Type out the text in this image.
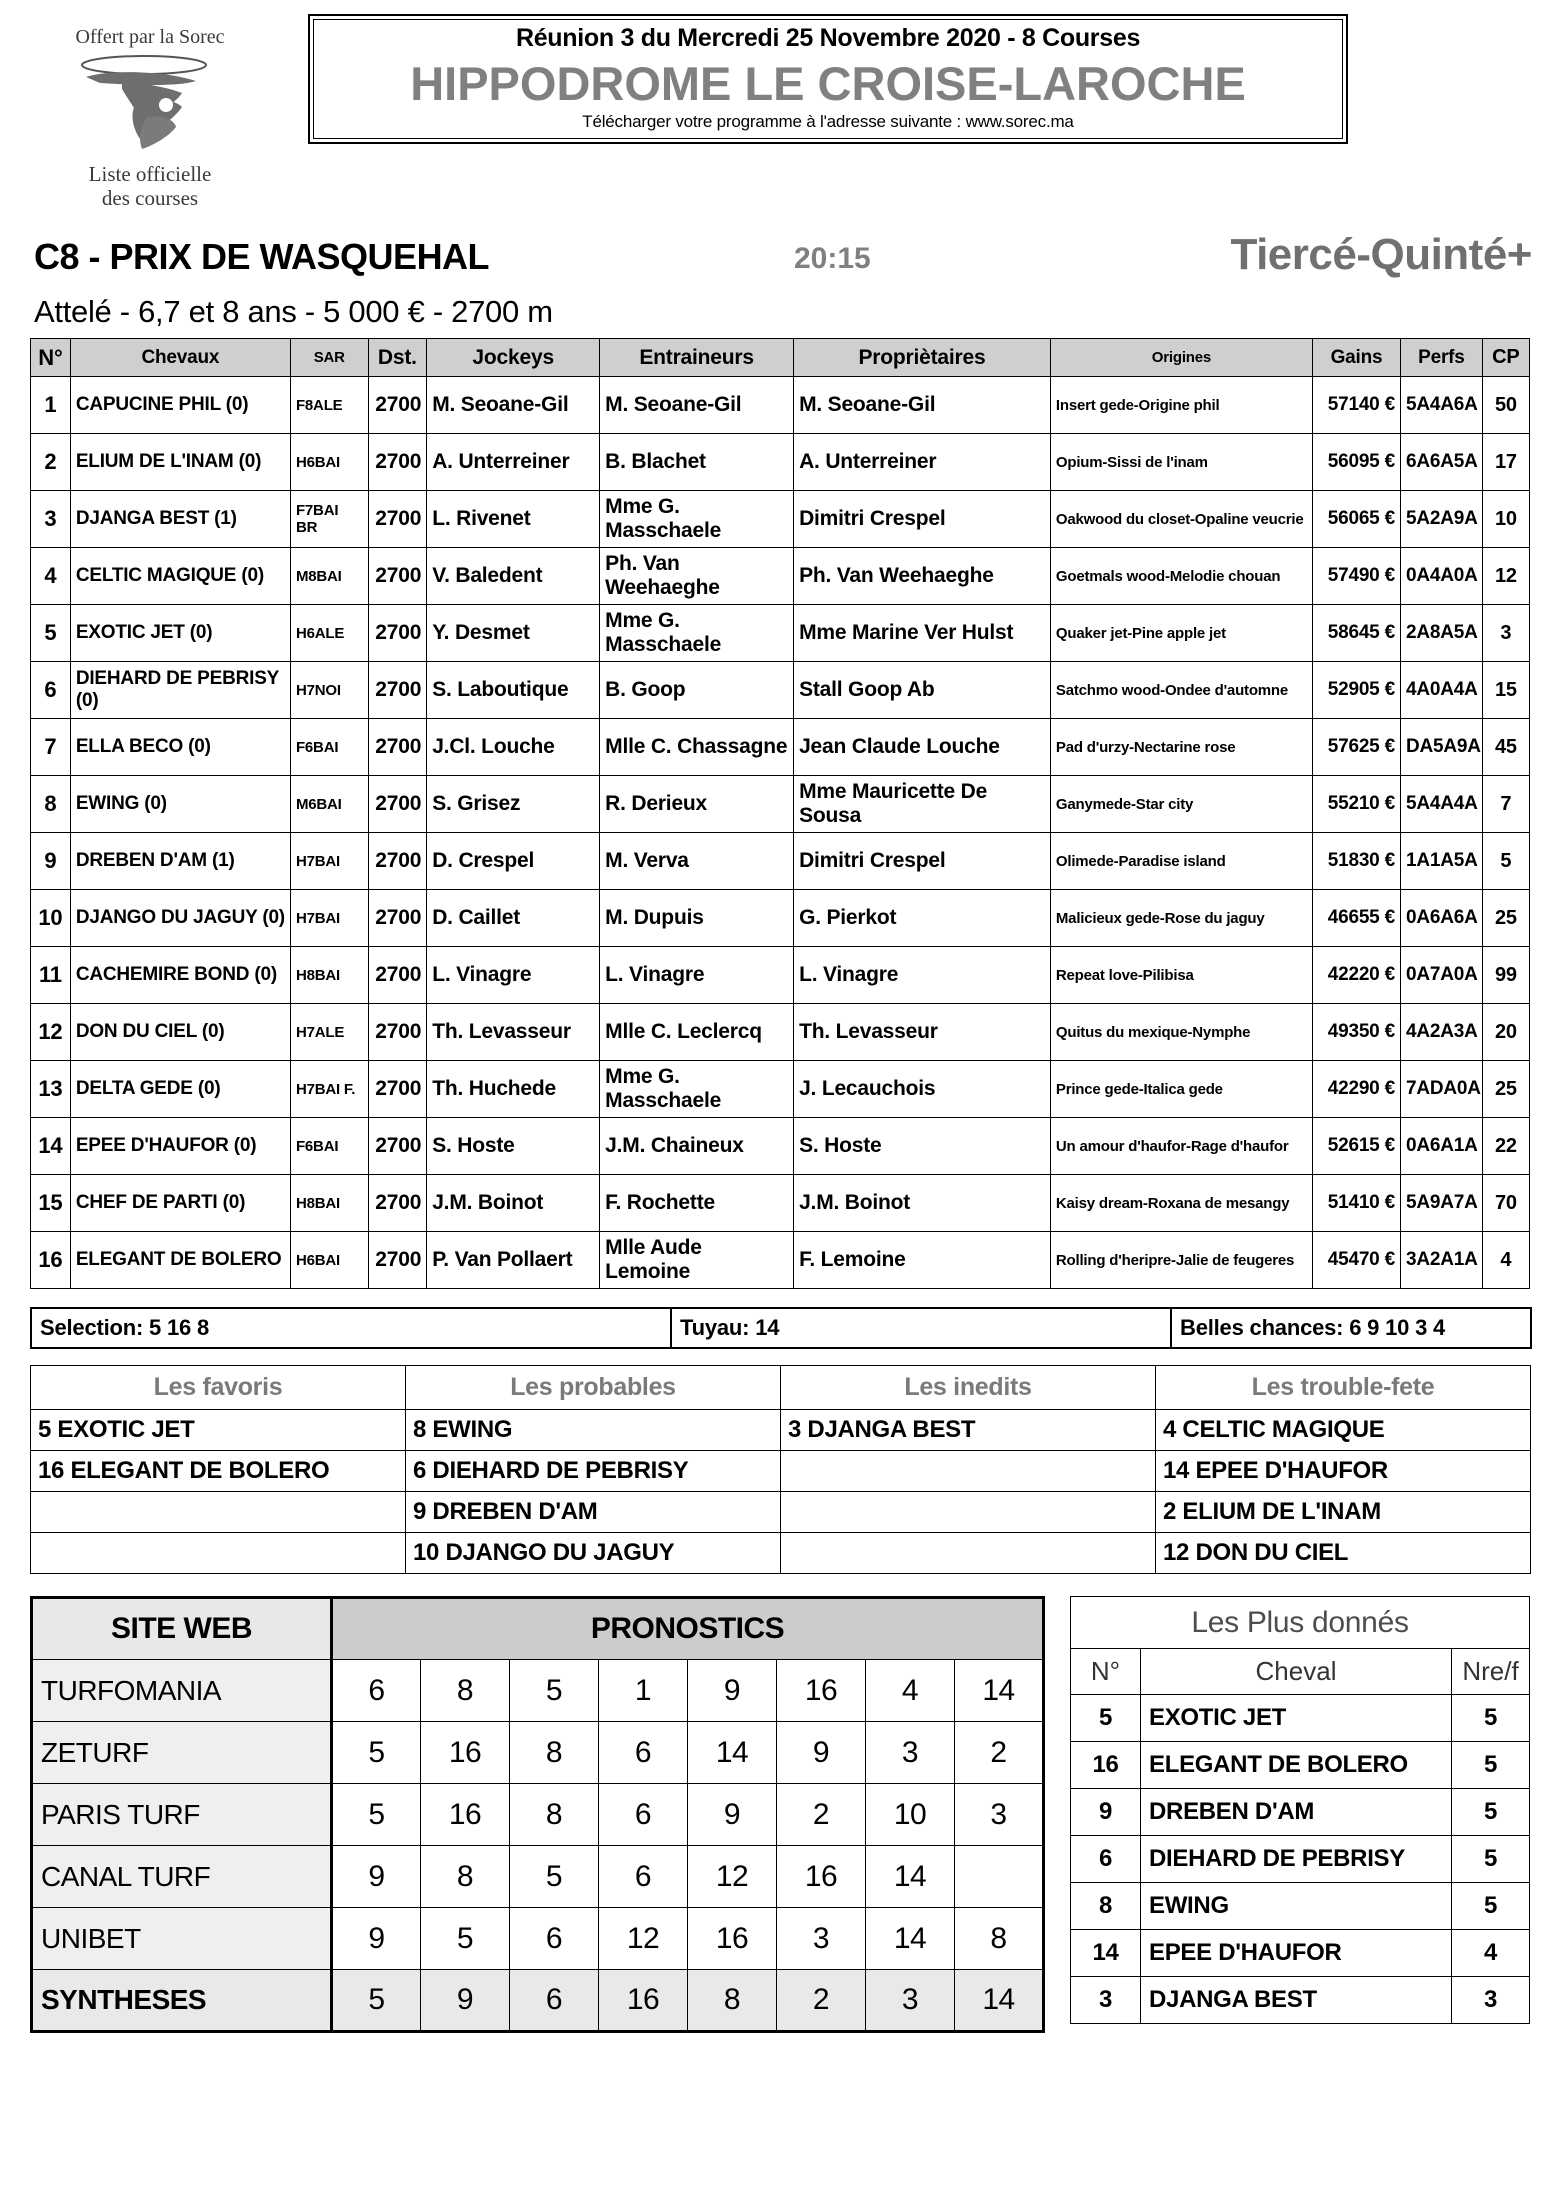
Offert par la Sorec
Liste officielle
des courses
Réunion 3 du Mercredi 25 Novembre 2020 - 8 Courses
HIPPODROME LE CROISE-LAROCHE
Télécharger votre programme à l'adresse suivante : www.sorec.ma
C8 - PRIX DE WASQUEHAL	20:15	Tiercé-Quinté+
Attelé - 6,7 et 8 ans - 5 000 € - 2700 m
N°	Chevaux	SAR	Dst.	Jockeys	Entraineurs	Propriètaires	Origines	Gains	Perfs	CP
1	CAPUCINE PHIL (0)	F8ALE	2700	M. Seoane-Gil	M. Seoane-Gil	M. Seoane-Gil	Insert gede-Origine phil	57140 €	5A4A6A	50
2	ELIUM DE L'INAM (0)	H6BAI	2700	A. Unterreiner	B. Blachet	A. Unterreiner	Opium-Sissi de l'inam	56095 €	6A6A5A	17
3	DJANGA BEST (1)	F7BAI BR	2700	L. Rivenet	Mme G. Masschaele	Dimitri Crespel	Oakwood du closet-Opaline veucrie	56065 €	5A2A9A	10
4	CELTIC MAGIQUE (0)	M8BAI	2700	V. Baledent	Ph. Van Weehaeghe	Ph. Van Weehaeghe	Goetmals wood-Melodie chouan	57490 €	0A4A0A	12
5	EXOTIC JET (0)	H6ALE	2700	Y. Desmet	Mme G. Masschaele	Mme Marine Ver Hulst	Quaker jet-Pine apple jet	58645 €	2A8A5A	3
6	DIEHARD DE PEBRISY (0)	H7NOI	2700	S. Laboutique	B. Goop	Stall Goop Ab	Satchmo wood-Ondee d'automne	52905 €	4A0A4A	15
7	ELLA BECO (0)	F6BAI	2700	J.Cl. Louche	Mlle C. Chassagne	Jean Claude Louche	Pad d'urzy-Nectarine rose	57625 €	DA5A9A	45
8	EWING (0)	M6BAI	2700	S. Grisez	R. Derieux	Mme Mauricette De Sousa	Ganymede-Star city	55210 €	5A4A4A	7
9	DREBEN D'AM (1)	H7BAI	2700	D. Crespel	M. Verva	Dimitri Crespel	Olimede-Paradise island	51830 €	1A1A5A	5
10	DJANGO DU JAGUY (0)	H7BAI	2700	D. Caillet	M. Dupuis	G. Pierkot	Malicieux gede-Rose du jaguy	46655 €	0A6A6A	25
11	CACHEMIRE BOND (0)	H8BAI	2700	L. Vinagre	L. Vinagre	L. Vinagre	Repeat love-Pilibisa	42220 €	0A7A0A	99
12	DON DU CIEL (0)	H7ALE	2700	Th. Levasseur	Mlle C. Leclercq	Th. Levasseur	Quitus du mexique-Nymphe	49350 €	4A2A3A	20
13	DELTA GEDE (0)	H7BAI F.	2700	Th. Huchede	Mme G. Masschaele	J. Lecauchois	Prince gede-Italica gede	42290 €	7ADA0A	25
14	EPEE D'HAUFOR (0)	F6BAI	2700	S. Hoste	J.M. Chaineux	S. Hoste	Un amour d'haufor-Rage d'haufor	52615 €	0A6A1A	22
15	CHEF DE PARTI (0)	H8BAI	2700	J.M. Boinot	F. Rochette	J.M. Boinot	Kaisy dream-Roxana de mesangy	51410 €	5A9A7A	70
16	ELEGANT DE BOLERO	H6BAI	2700	P. Van Pollaert	Mlle Aude Lemoine	F. Lemoine	Rolling d'heripre-Jalie de feugeres	45470 €	3A2A1A	4
Selection: 5 16 8	Tuyau: 14	Belles chances: 6 9 10 3 4
Les favoris	Les probables	Les inedits	Les trouble-fete
5 EXOTIC JET	8 EWING	3 DJANGA BEST	4 CELTIC MAGIQUE
16 ELEGANT DE BOLERO	6 DIEHARD DE PEBRISY		14 EPEE D'HAUFOR
	9 DREBEN D'AM		2 ELIUM DE L'INAM
	10 DJANGO DU JAGUY		12 DON DU CIEL
SITE WEB	PRONOSTICS							
TURFOMANIA	6	8	5	1	9	16	4	14
ZETURF	5	16	8	6	14	9	3	2
PARIS TURF	5	16	8	6	9	2	10	3
CANAL TURF	9	8	5	6	12	16	14	
UNIBET	9	5	6	12	16	3	14	8
SYNTHESES	5	9	6	16	8	2	3	14
Les Plus donnés
N°	Cheval	Nre/f
5	EXOTIC JET	5
16	ELEGANT DE BOLERO	5
9	DREBEN D'AM	5
6	DIEHARD DE PEBRISY	5
8	EWING	5
14	EPEE D'HAUFOR	4
3	DJANGA BEST	3
